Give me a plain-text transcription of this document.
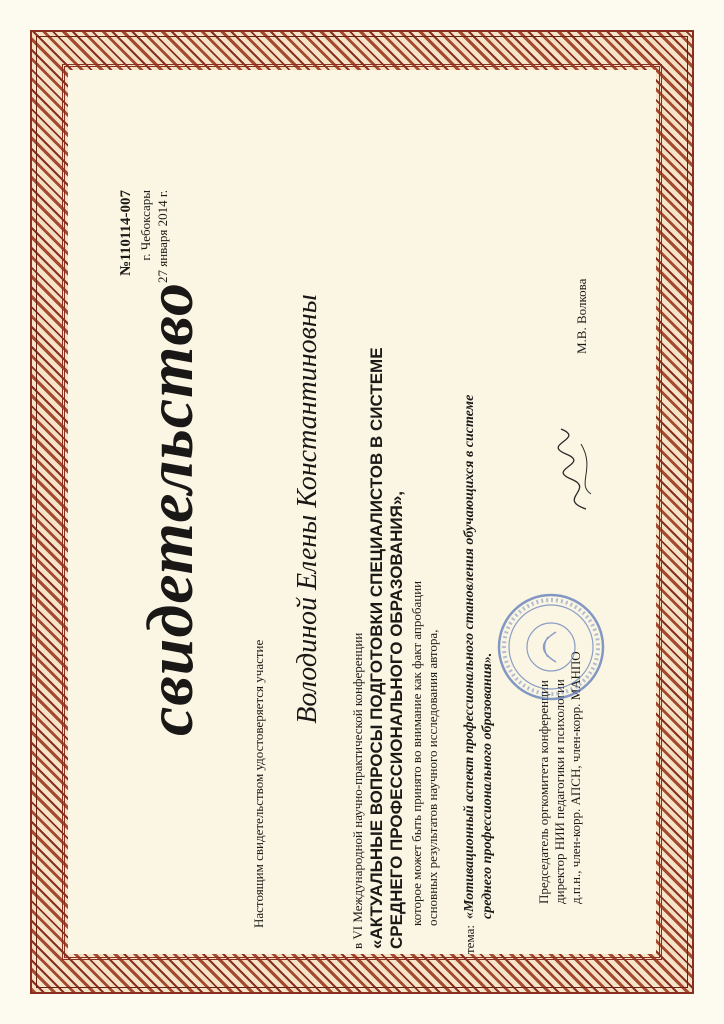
№110114-007 г. Чебоксары 27 января 2014 г.
свидетельство
Настоящим свидетельством удостоверяется участие
Володиной Елены Константиновны
в VI Международной научно-практической конференции «АКТУАЛЬНЫЕ ВОПРОСЫ ПОДГОТОВКИ СПЕЦИАЛИСТОВ В СИСТЕМЕ СРЕДНЕГО ПРОФЕССИОНАЛЬНОГО ОБРАЗОВАНИЯ», которое может быть принято во внимание как факт апробации основных результатов научного исследования автора,
тема:
«Мотивационный аспект профессионального становления обучающихся в системе среднего профессионального образования».	Председатель оргкомитета конференции директор НИИ педагогики и психологии д.п.н., член-корр. АПСН, член-корр. МАНПО
М.В. Волкова
